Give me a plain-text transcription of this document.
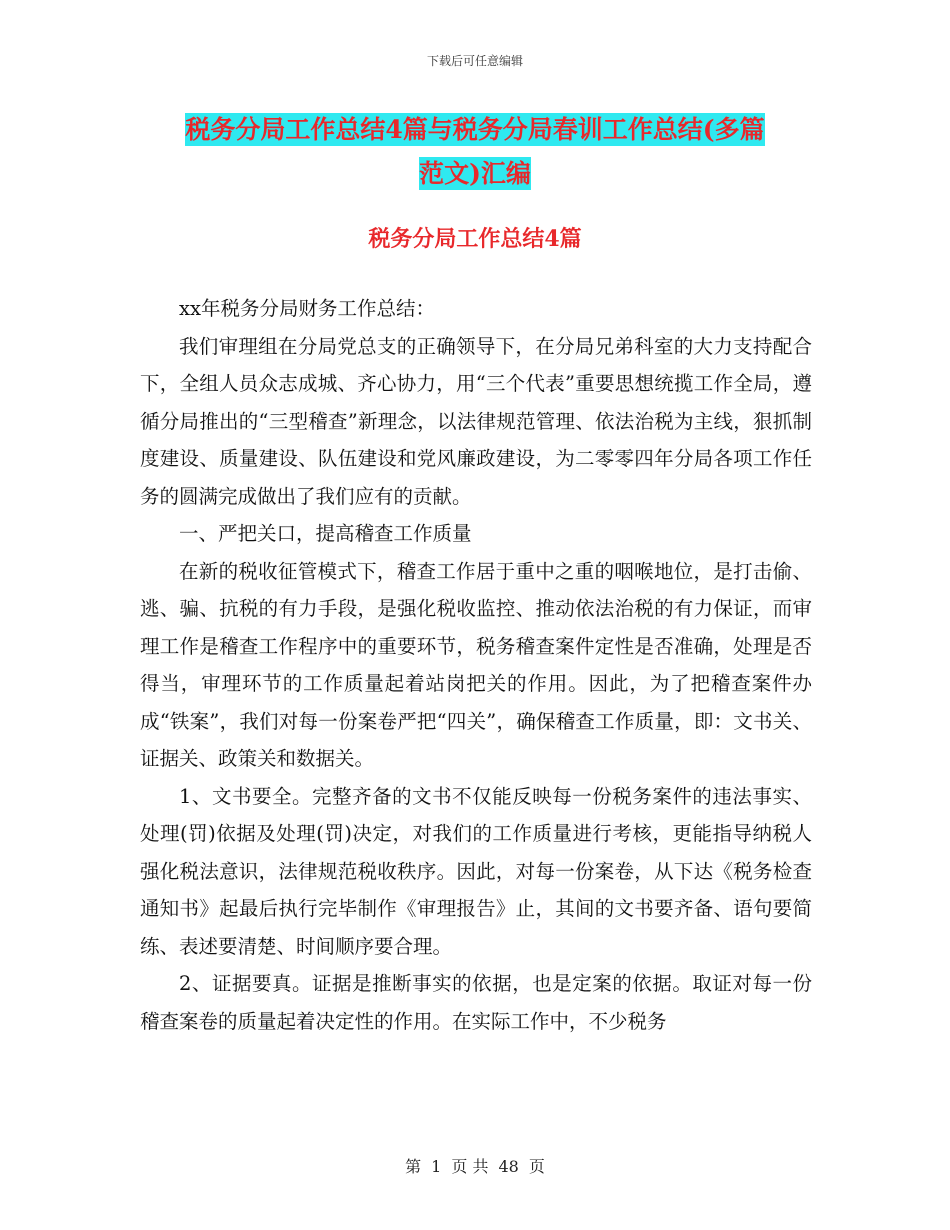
下载后可任意编辑
税务分局工作总结4篇与税务分局春训工作总结(多篇
范文)汇编
税务分局工作总结4篇

xx年税务分局财务工作总结：

我们审理组在分局党总支的正确领导下，在分局兄弟科室的大力支持配合下，全组人员众志成城、齐心协力，用“三个代表”重要思想统揽工作全局，遵循分局推出的“三型稽查”新理念，以法律规范管理、依法治税为主线，狠抓制度建设、质量建设、队伍建设和党风廉政建设，为二零零四年分局各项工作任务的圆满完成做出了我们应有的贡献。

一、严把关口，提高稽查工作质量

在新的税收征管模式下，稽查工作居于重中之重的咽喉地位，是打击偷、逃、骗、抗税的有力手段，是强化税收监控、推动依法治税的有力保证，而审理工作是稽查工作程序中的重要环节，税务稽查案件定性是否准确，处理是否得当，审理环节的工作质量起着站岗把关的作用。因此，为了把稽查案件办成“铁案”，我们对每一份案卷严把“四关”，确保稽查工作质量，即：文书关、证据关、政策关和数据关。

1、文书要全。完整齐备的文书不仅能反映每一份税务案件的违法事实、处理(罚)依据及处理(罚)决定，对我们的工作质量进行考核，更能指导纳税人强化税法意识，法律规范税收秩序。因此，对每一份案卷，从下达《税务检查通知书》起最后执行完毕制作《审理报告》止，其间的文书要齐备、语句要简练、表述要清楚、时间顺序要合理。

2、证据要真。证据是推断事实的依据，也是定案的依据。取证对每一份稽查案卷的质量起着决定性的作用。在实际工作中，不少税务

第 1 页 共 48 页
